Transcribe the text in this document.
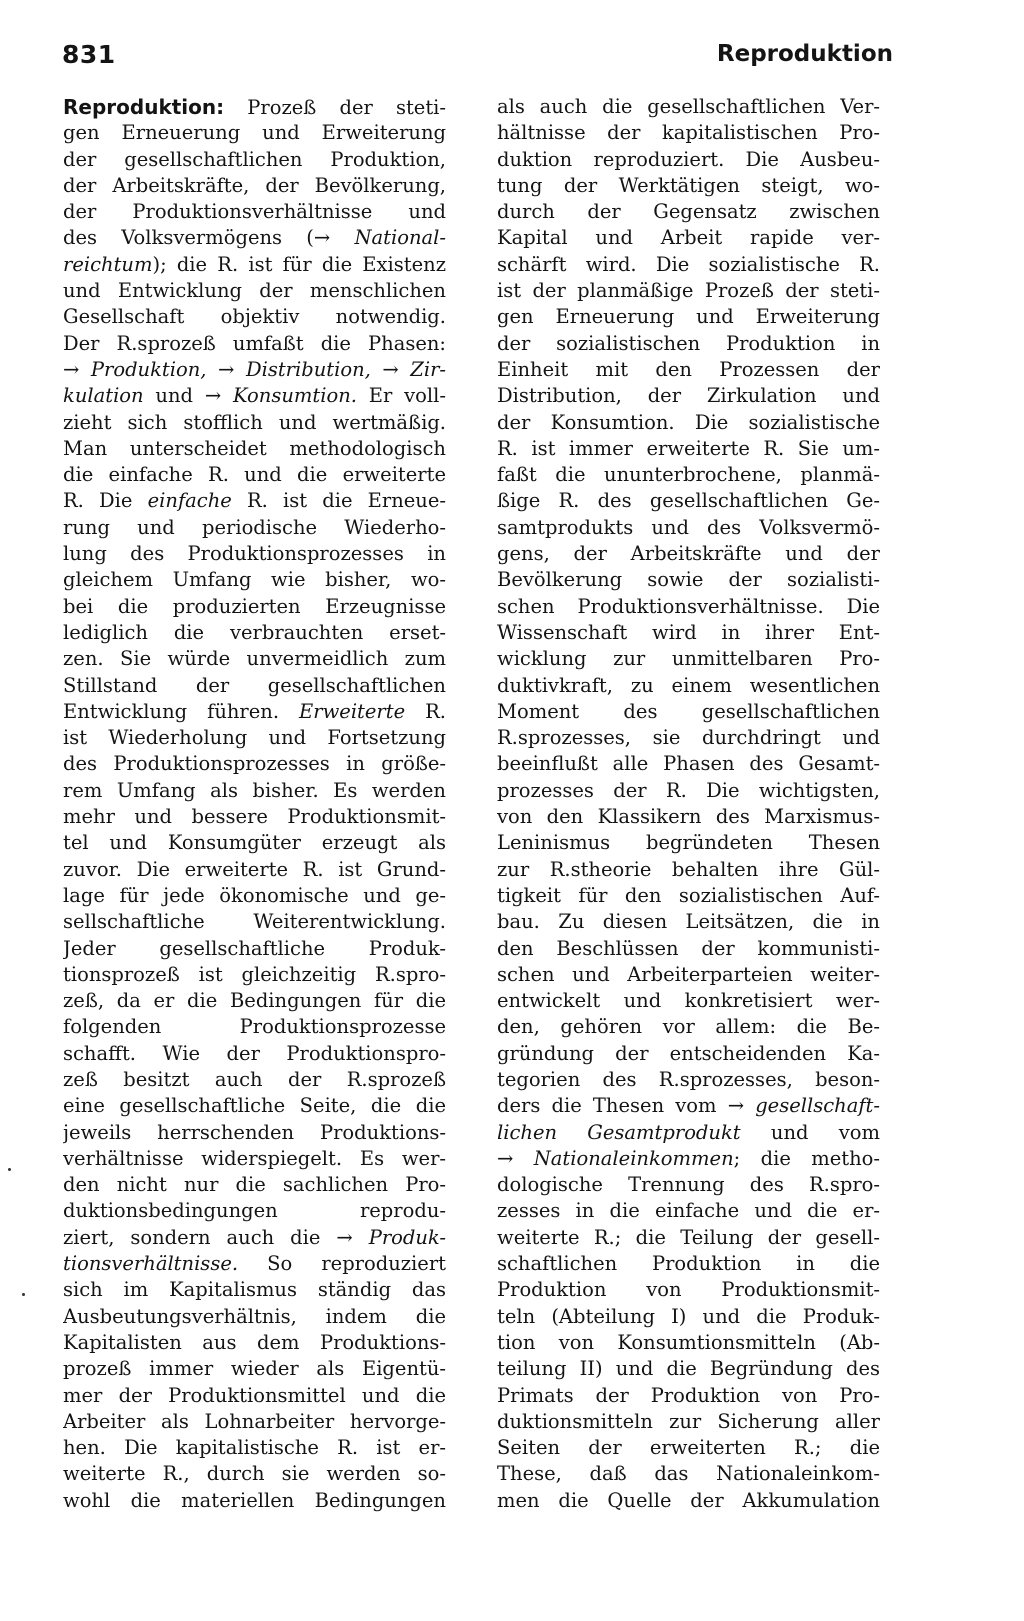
831	Reproduktion
Reproduktion: Prozeß der steti-
gen Erneuerung und Erweiterung
der gesellschaftlichen Produktion,
der Arbeitskräfte, der Bevölkerung,
der Produktionsverhältnisse und
des Volksvermögens (→ National-
reichtum); die R. ist für die Existenz
und Entwicklung der menschlichen
Gesellschaft objektiv notwendig.
Der R.sprozeß umfaßt die Phasen:
→ Produktion, → Distribution, → Zir-
kulation und → Konsumtion. Er voll-
zieht sich stofflich und wertmäßig.
Man unterscheidet methodologisch
die einfache R. und die erweiterte
R. Die einfache R. ist die Erneue-
rung und periodische Wiederho-
lung des Produktionsprozesses in
gleichem Umfang wie bisher, wo-
bei die produzierten Erzeugnisse
lediglich die verbrauchten erset-
zen. Sie würde unvermeidlich zum
Stillstand der gesellschaftlichen
Entwicklung führen. Erweiterte R.
ist Wiederholung und Fortsetzung
des Produktionsprozesses in größe-
rem Umfang als bisher. Es werden
mehr und bessere Produktionsmit-
tel und Konsumgüter erzeugt als
zuvor. Die erweiterte R. ist Grund-
lage für jede ökonomische und ge-
sellschaftliche Weiterentwicklung.
Jeder gesellschaftliche Produk-
tionsprozeß ist gleichzeitig R.spro-
zeß, da er die Bedingungen für die
folgenden Produktionsprozesse
schafft. Wie der Produktionspro-
zeß besitzt auch der R.sprozeß
eine gesellschaftliche Seite, die die
jeweils herrschenden Produktions-
verhältnisse widerspiegelt. Es wer-
den nicht nur die sachlichen Pro-
duktionsbedingungen reprodu-
ziert, sondern auch die → Produk-
tionsverhältnisse. So reproduziert
sich im Kapitalismus ständig das
Ausbeutungsverhältnis, indem die
Kapitalisten aus dem Produktions-
prozeß immer wieder als Eigentü-
mer der Produktionsmittel und die
Arbeiter als Lohnarbeiter hervorge-
hen. Die kapitalistische R. ist er-
weiterte R., durch sie werden so-
wohl die materiellen Bedingungen
als auch die gesellschaftlichen Ver-
hältnisse der kapitalistischen Pro-
duktion reproduziert. Die Ausbeu-
tung der Werktätigen steigt, wo-
durch der Gegensatz zwischen
Kapital und Arbeit rapide ver-
schärft wird. Die sozialistische R.
ist der planmäßige Prozeß der steti-
gen Erneuerung und Erweiterung
der sozialistischen Produktion in
Einheit mit den Prozessen der
Distribution, der Zirkulation und
der Konsumtion. Die sozialistische
R. ist immer erweiterte R. Sie um-
faßt die ununterbrochene, planmä-
ßige R. des gesellschaftlichen Ge-
samtprodukts und des Volksvermö-
gens, der Arbeitskräfte und der
Bevölkerung sowie der sozialisti-
schen Produktionsverhältnisse. Die
Wissenschaft wird in ihrer Ent-
wicklung zur unmittelbaren Pro-
duktivkraft, zu einem wesentlichen
Moment des gesellschaftlichen
R.sprozesses, sie durchdringt und
beeinflußt alle Phasen des Gesamt-
prozesses der R. Die wichtigsten,
von den Klassikern des Marxismus-
Leninismus begründeten Thesen
zur R.stheorie behalten ihre Gül-
tigkeit für den sozialistischen Auf-
bau. Zu diesen Leitsätzen, die in
den Beschlüssen der kommunisti-
schen und Arbeiterparteien weiter-
entwickelt und konkretisiert wer-
den, gehören vor allem: die Be-
gründung der entscheidenden Ka-
tegorien des R.sprozesses, beson-
ders die Thesen vom → gesellschaft-
lichen Gesamtprodukt und vom
→ Nationaleinkommen; die metho-
dologische Trennung des R.spro-
zesses in die einfache und die er-
weiterte R.; die Teilung der gesell-
schaftlichen Produktion in die
Produktion von Produktionsmit-
teln (Abteilung I) und die Produk-
tion von Konsumtionsmitteln (Ab-
teilung II) und die Begründung des
Primats der Produktion von Pro-
duktionsmitteln zur Sicherung aller
Seiten der erweiterten R.; die
These, daß das Nationaleinkom-
men die Quelle der Akkumulation
